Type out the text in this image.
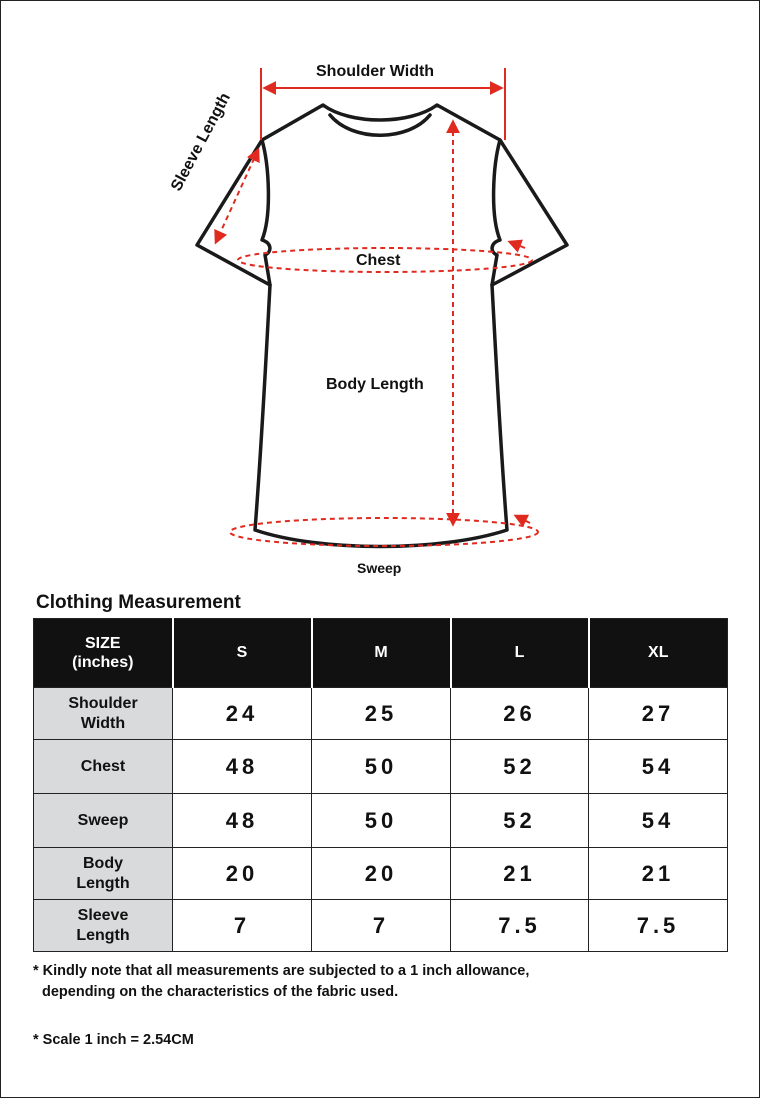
Shoulder Width
Sleeve Length
Chest
Body Length
Sweep
Clothing Measurement
SIZE
(inches)	S	M	L	XL
Shoulder
Width	24	25	26	27
Chest	48	50	52	54
Sweep	48	50	52	54
Body
Length	20	20	21	21
Sleeve
Length	7	7	7.5	7.5
* Kindly note that all measurements are subjected to a 1 inch allowance,
depending on the characteristics of the fabric used.
* Scale 1 inch = 2.54CM
